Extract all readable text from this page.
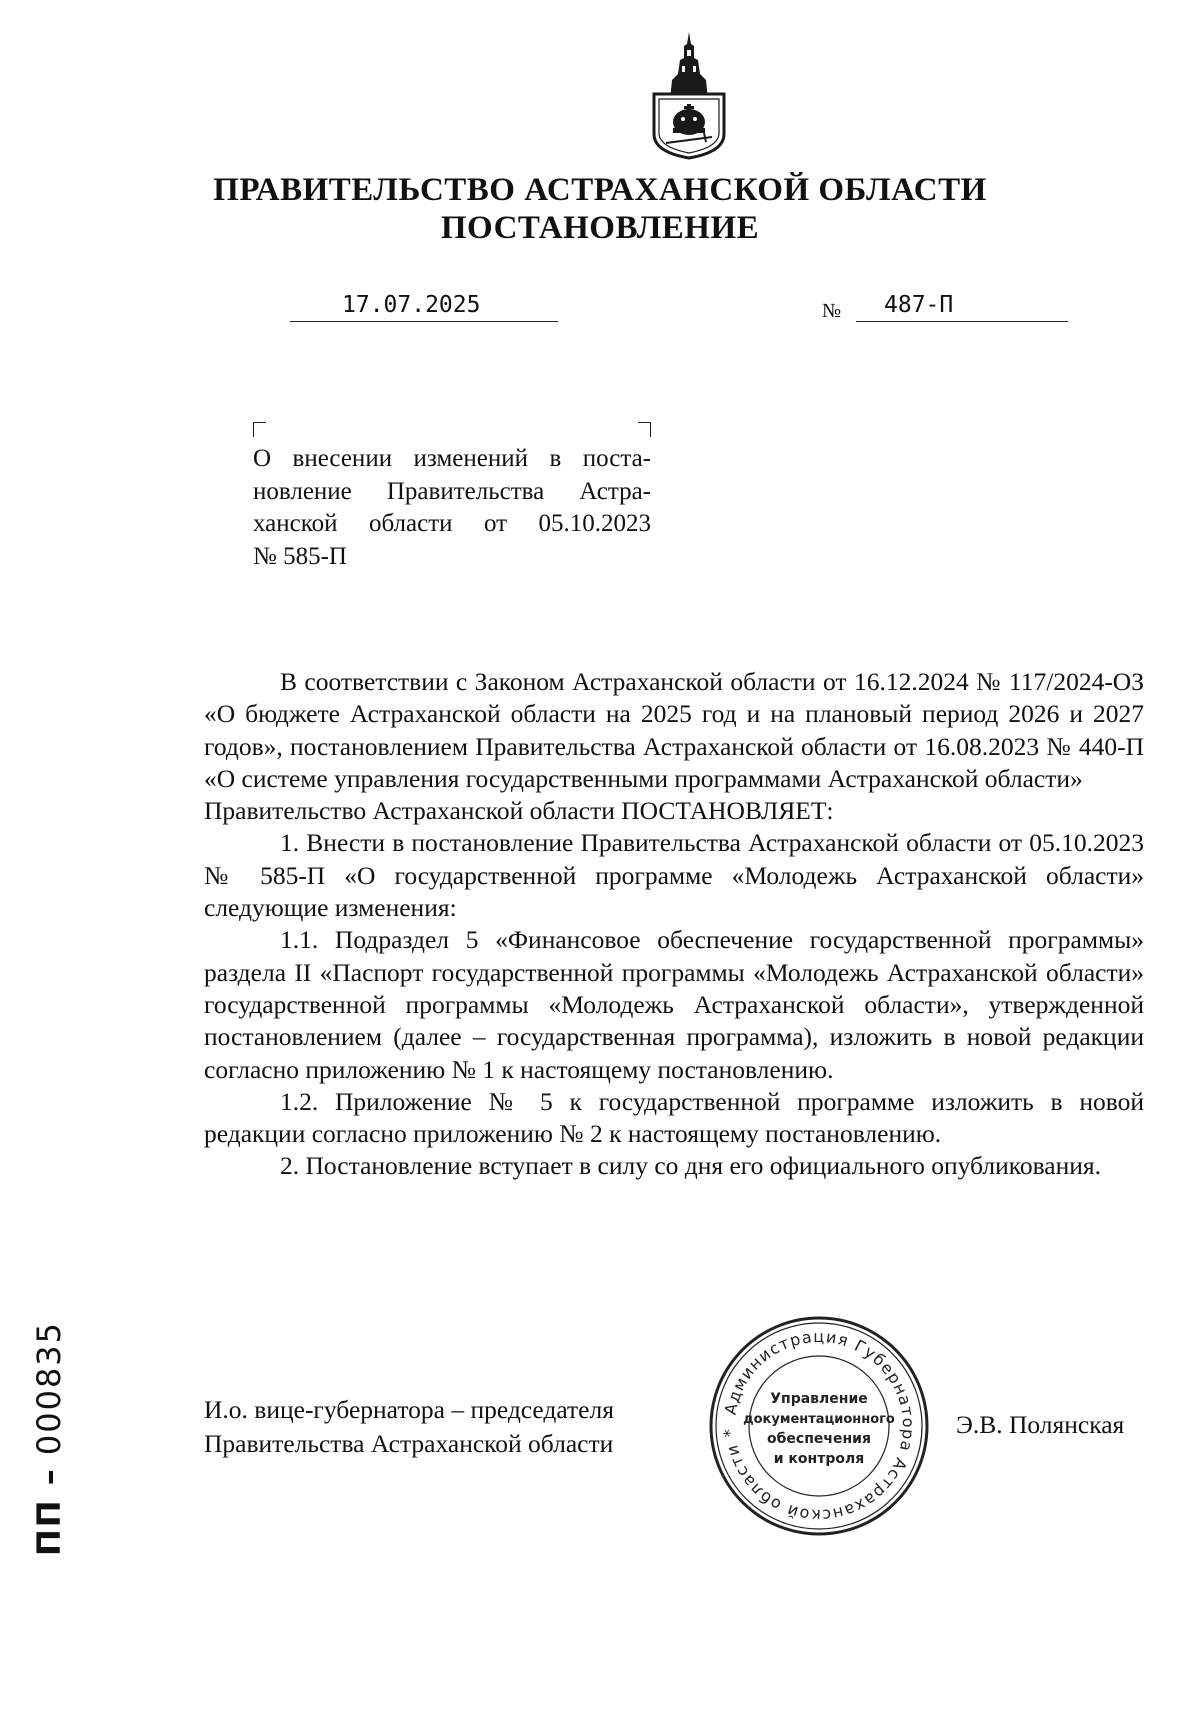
ПРАВИТЕЛЬСТВО АСТРАХАНСКОЙ ОБЛАСТИ
ПОСТАНОВЛЕНИЕ
17.07.2025	№	487-П
О внесении изменений в поста-
новление Правительства Астра-
ханской области от 05.10.2023
№ 585-П

В соответствии с Законом Астраханской области от 16.12.2024 № 117/2024-ОЗ «О бюджете Астраханской области на 2025 год и на плановый период 2026 и 2027 годов», постановлением Правительства Астраханской области от 16.08.2023 № 440-П «О системе управления государственными программами Астраханской области»

Правительство Астраханской области ПОСТАНОВЛЯЕТ:

1. Внести в постановление Правительства Астраханской области от 05.10.2023 № 585-П «О государственной программе «Молодежь Астраханской области» следующие изменения:

1.1. Подраздел 5 «Финансовое обеспечение государственной программы» раздела II «Паспорт государственной программы «Молодежь Астраханской области» государственной программы «Молодежь Астраханской области», утвержденной постановлением (далее – государственная программа), изложить в новой редакции согласно приложению № 1 к настоящему постановлению.

1.2. Приложение № 5 к государственной программе изложить в новой редакции согласно приложению № 2 к настоящему постановлению.

2. Постановление вступает в силу со дня его официального опубликования.

И.о. вице-губернатора – председателя
Правительства Астраханской области
Администрация Губернатора Астраханской области *
Управление
документационного
обеспечения
и контроля
Э.В. Полянская
ПП – 000835
